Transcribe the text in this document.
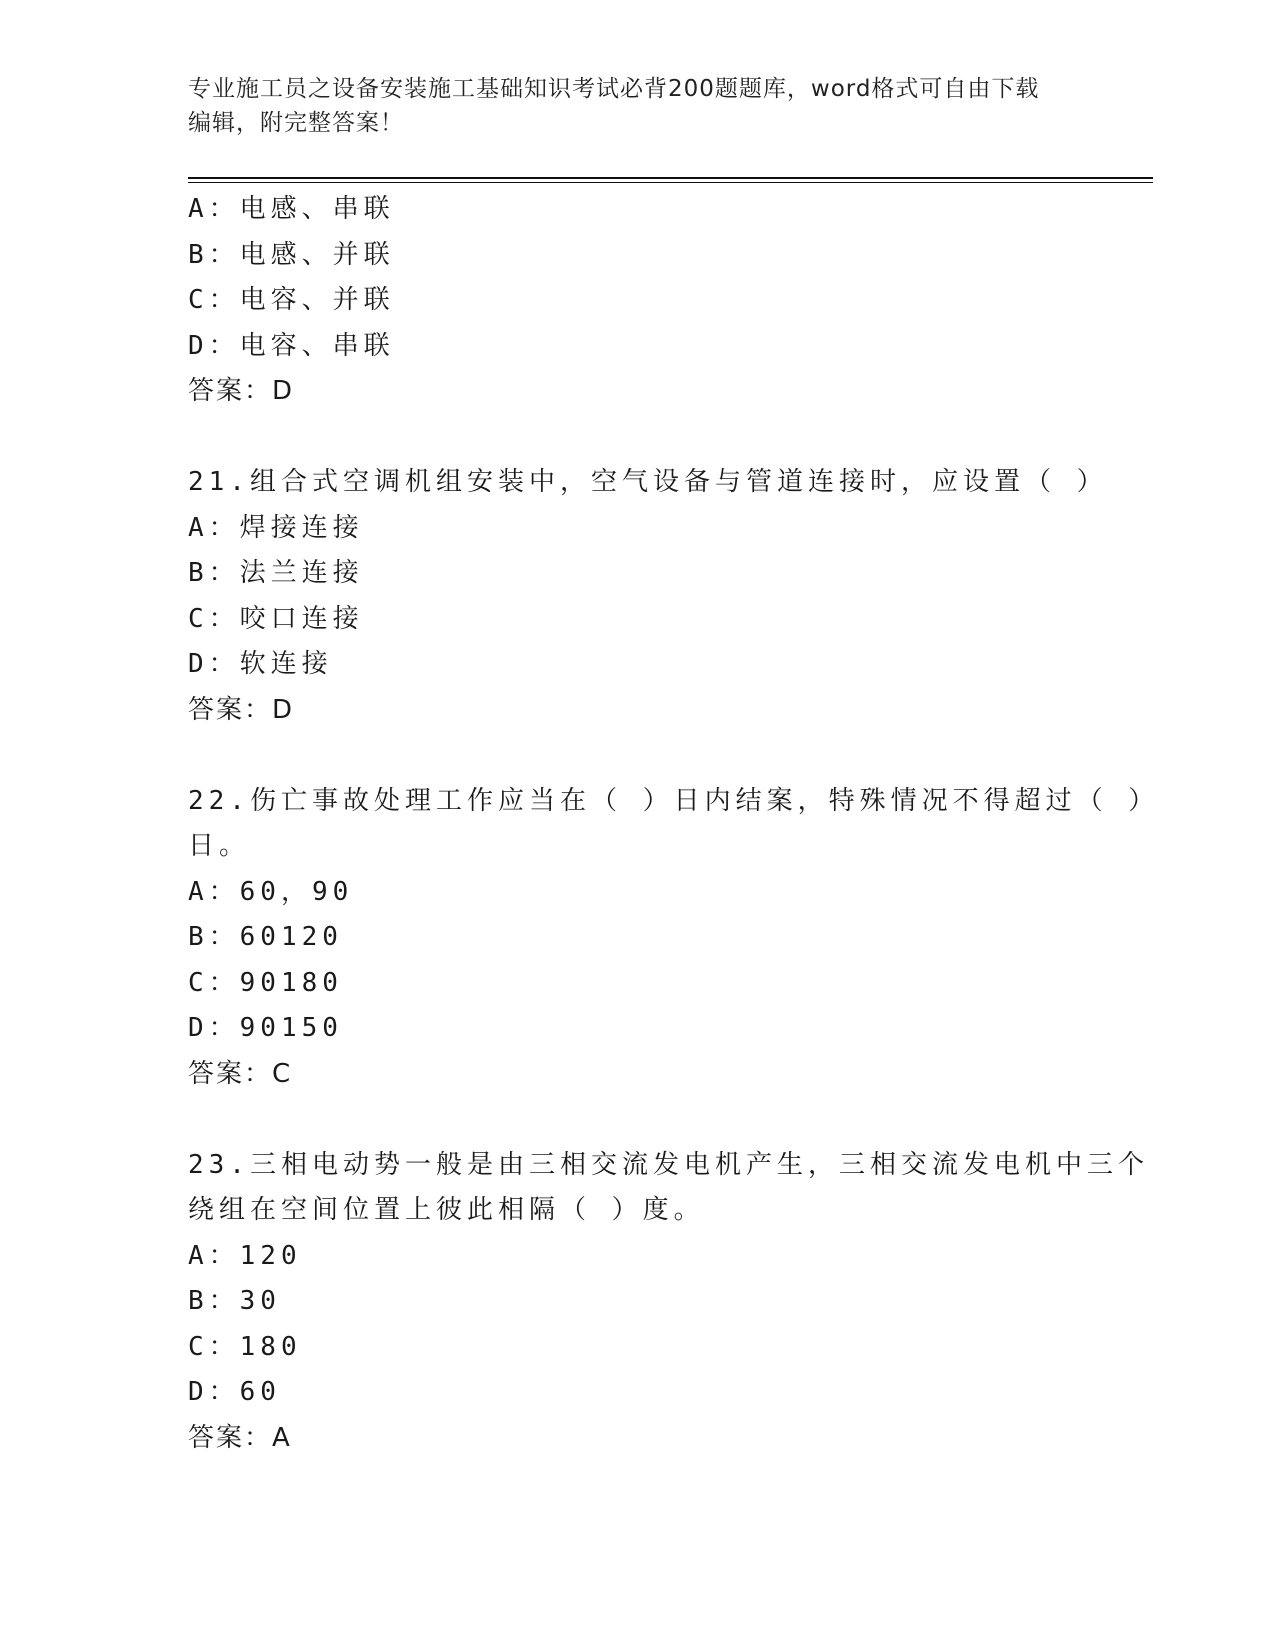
专业施工员之设备安装施工基础知识考试必背200题题库，word格式可自由下载
编辑，附完整答案！
A：电感、串联
B：电感、并联
C：电容、并联
D：电容、串联
答案：D
21.组合式空调机组安装中，空气设备与管道连接时，应设置（ ）
A：焊接连接
B：法兰连接
C：咬口连接
D：软连接
答案：D
22.伤亡事故处理工作应当在（ ）日内结案，特殊情况不得超过（ ）
日。
A：60，90
B：60120
C：90180
D：90150
答案：C
23.三相电动势一般是由三相交流发电机产生，三相交流发电机中三个
绕组在空间位置上彼此相隔（ ）度。
A：120
B：30
C：180
D：60
答案：A
